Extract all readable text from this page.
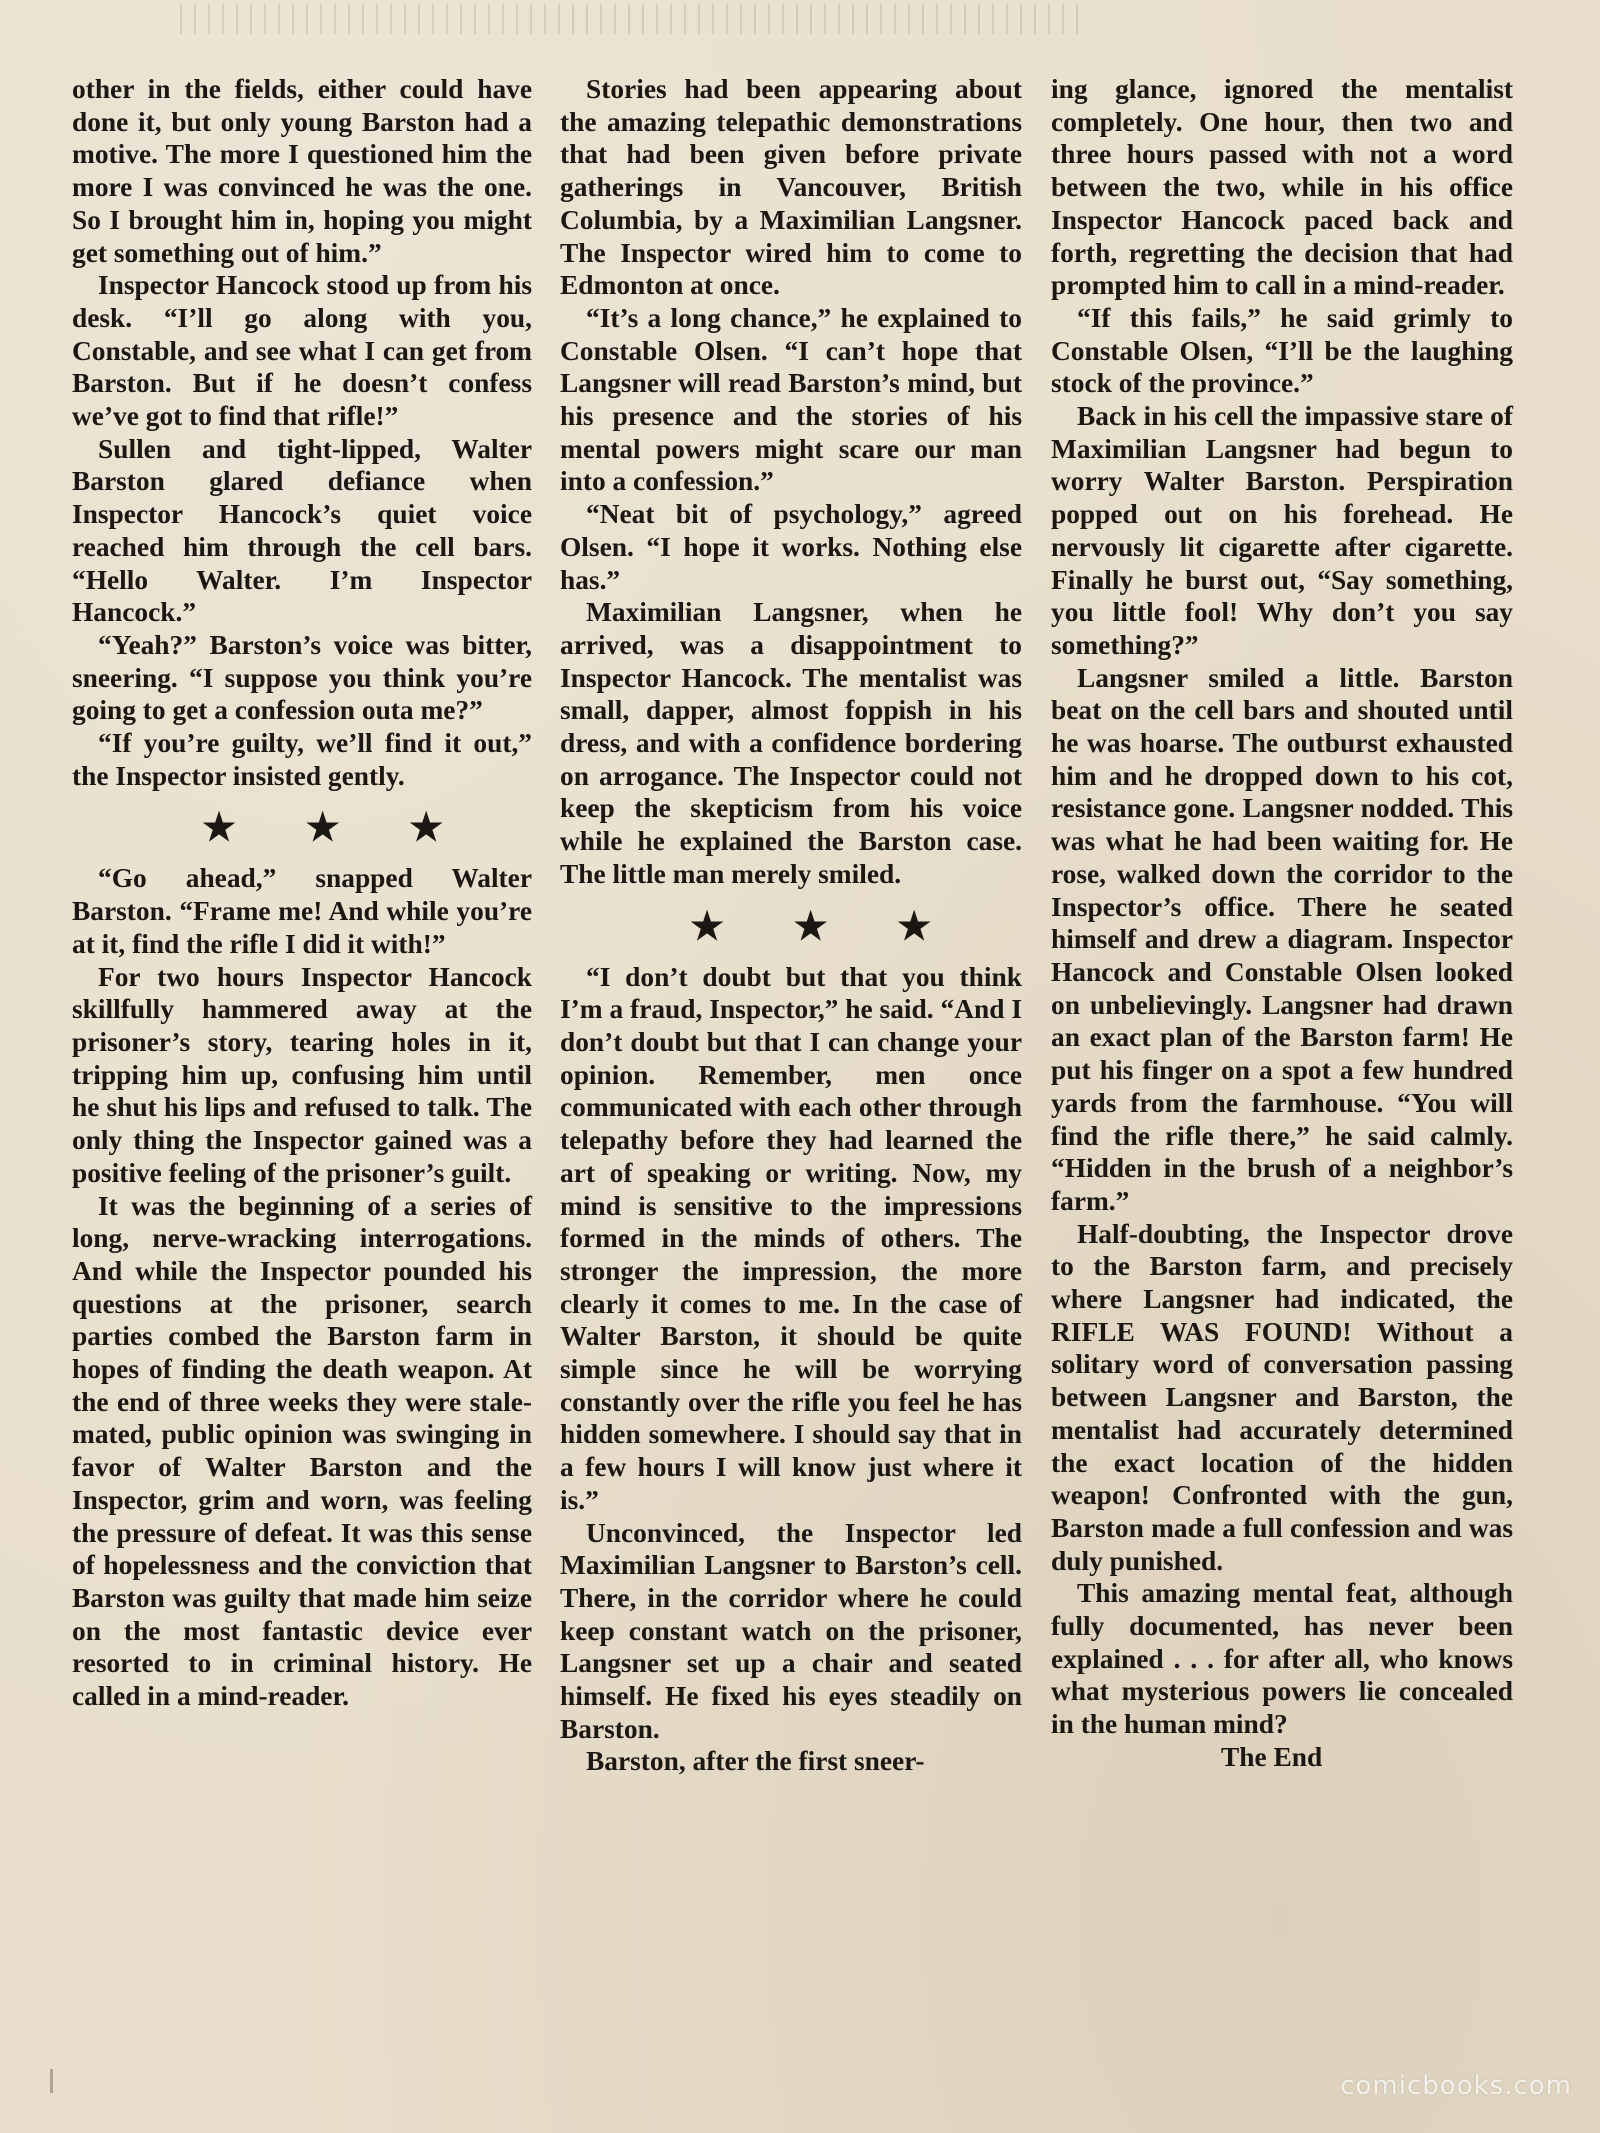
other in the fields, either could have done it, but only young Barston had a motive. The more I questioned him the more I was convinced he was the one. So I brought him in, hoping you might get something out of him.”

Inspector Hancock stood up from his desk. “I’ll go along with you, Constable, and see what I can get from Barston. But if he doesn’t confess we’ve got to find that rifle!”

Sullen and tight-lipped, Walter Barston glared defiance when Inspector Hancock’s quiet voice reached him through the cell bars. “Hello Walter. I’m Inspector Hancock.”

“Yeah?” Barston’s voice was bitter, sneering. “I suppose you think you’re going to get a confession outa me?”

“If you’re guilty, we’ll find it out,” the Inspector insisted gently.

★ ★ ★

“Go ahead,” snapped Walter Barston. “Frame me! And while you’re at it, find the rifle I did it with!”

For two hours Inspector Hancock skillfully hammered away at the prisoner’s story, tearing holes in it, tripping him up, confusing him until he shut his lips and refused to talk. The only thing the Inspector gained was a positive feeling of the prisoner’s guilt.

It was the beginning of a series of long, nerve-wracking interrogations. And while the Inspector pounded his questions at the prisoner, search parties combed the Barston farm in hopes of finding the death weapon. At the end of three weeks they were stale-mated, public opinion was swinging in favor of Walter Barston and the Inspector, grim and worn, was feeling the pressure of defeat. It was this sense of hopelessness and the conviction that Barston was guilty that made him seize on the most fantastic device ever resorted to in criminal history. He called in a mind-reader.

Stories had been appearing about the amazing telepathic demonstrations that had been given before private gatherings in Vancouver, British Columbia, by a Maximilian Langsner. The Inspector wired him to come to Edmonton at once.

“It’s a long chance,” he explained to Constable Olsen. “I can’t hope that Langsner will read Barston’s mind, but his presence and the stories of his mental powers might scare our man into a confession.”

“Neat bit of psychology,” agreed Olsen. “I hope it works. Nothing else has.”

Maximilian Langsner, when he arrived, was a disappointment to Inspector Hancock. The mentalist was small, dapper, almost foppish in his dress, and with a confidence bordering on arrogance. The Inspector could not keep the skepticism from his voice while he explained the Barston case. The little man merely smiled.

★ ★ ★

“I don’t doubt but that you think I’m a fraud, Inspector,” he said. “And I don’t doubt but that I can change your opinion. Remember, men once communicated with each other through telepathy before they had learned the art of speaking or writing. Now, my mind is sensitive to the impressions formed in the minds of others. The stronger the impression, the more clearly it comes to me. In the case of Walter Barston, it should be quite simple since he will be worrying constantly over the rifle you feel he has hidden somewhere. I should say that in a few hours I will know just where it is.”

Unconvinced, the Inspector led Maximilian Langsner to Barston’s cell. There, in the corridor where he could keep constant watch on the prisoner, Langsner set up a chair and seated himself. He fixed his eyes steadily on Barston.

Barston, after the first sneer-

ing glance, ignored the mentalist completely. One hour, then two and three hours passed with not a word between the two, while in his office Inspector Hancock paced back and forth, regretting the decision that had prompted him to call in a mind-reader.

“If this fails,” he said grimly to Constable Olsen, “I’ll be the laughing stock of the province.”

Back in his cell the impassive stare of Maximilian Langsner had begun to worry Walter Barston. Perspiration popped out on his forehead. He nervously lit cigarette after cigarette. Finally he burst out, “Say something, you little fool! Why don’t you say something?”

Langsner smiled a little. Barston beat on the cell bars and shouted until he was hoarse. The outburst exhausted him and he dropped down to his cot, resistance gone. Langsner nodded. This was what he had been waiting for. He rose, walked down the corridor to the Inspector’s office. There he seated himself and drew a diagram. Inspector Hancock and Constable Olsen looked on unbelievingly. Langsner had drawn an exact plan of the Barston farm! He put his finger on a spot a few hundred yards from the farmhouse. “You will find the rifle there,” he said calmly. “Hidden in the brush of a neighbor’s farm.”

Half-doubting, the Inspector drove to the Barston farm, and precisely where Langsner had indicated, the RIFLE WAS FOUND! Without a solitary word of conversation passing between Langsner and Barston, the mentalist had accurately determined the exact location of the hidden weapon! Confronted with the gun, Barston made a full confession and was duly punished.

This amazing mental feat, although fully documented, has never been explained . . . for after all, who knows what mysterious powers lie concealed in the human mind?

The End

comicbooks.com
